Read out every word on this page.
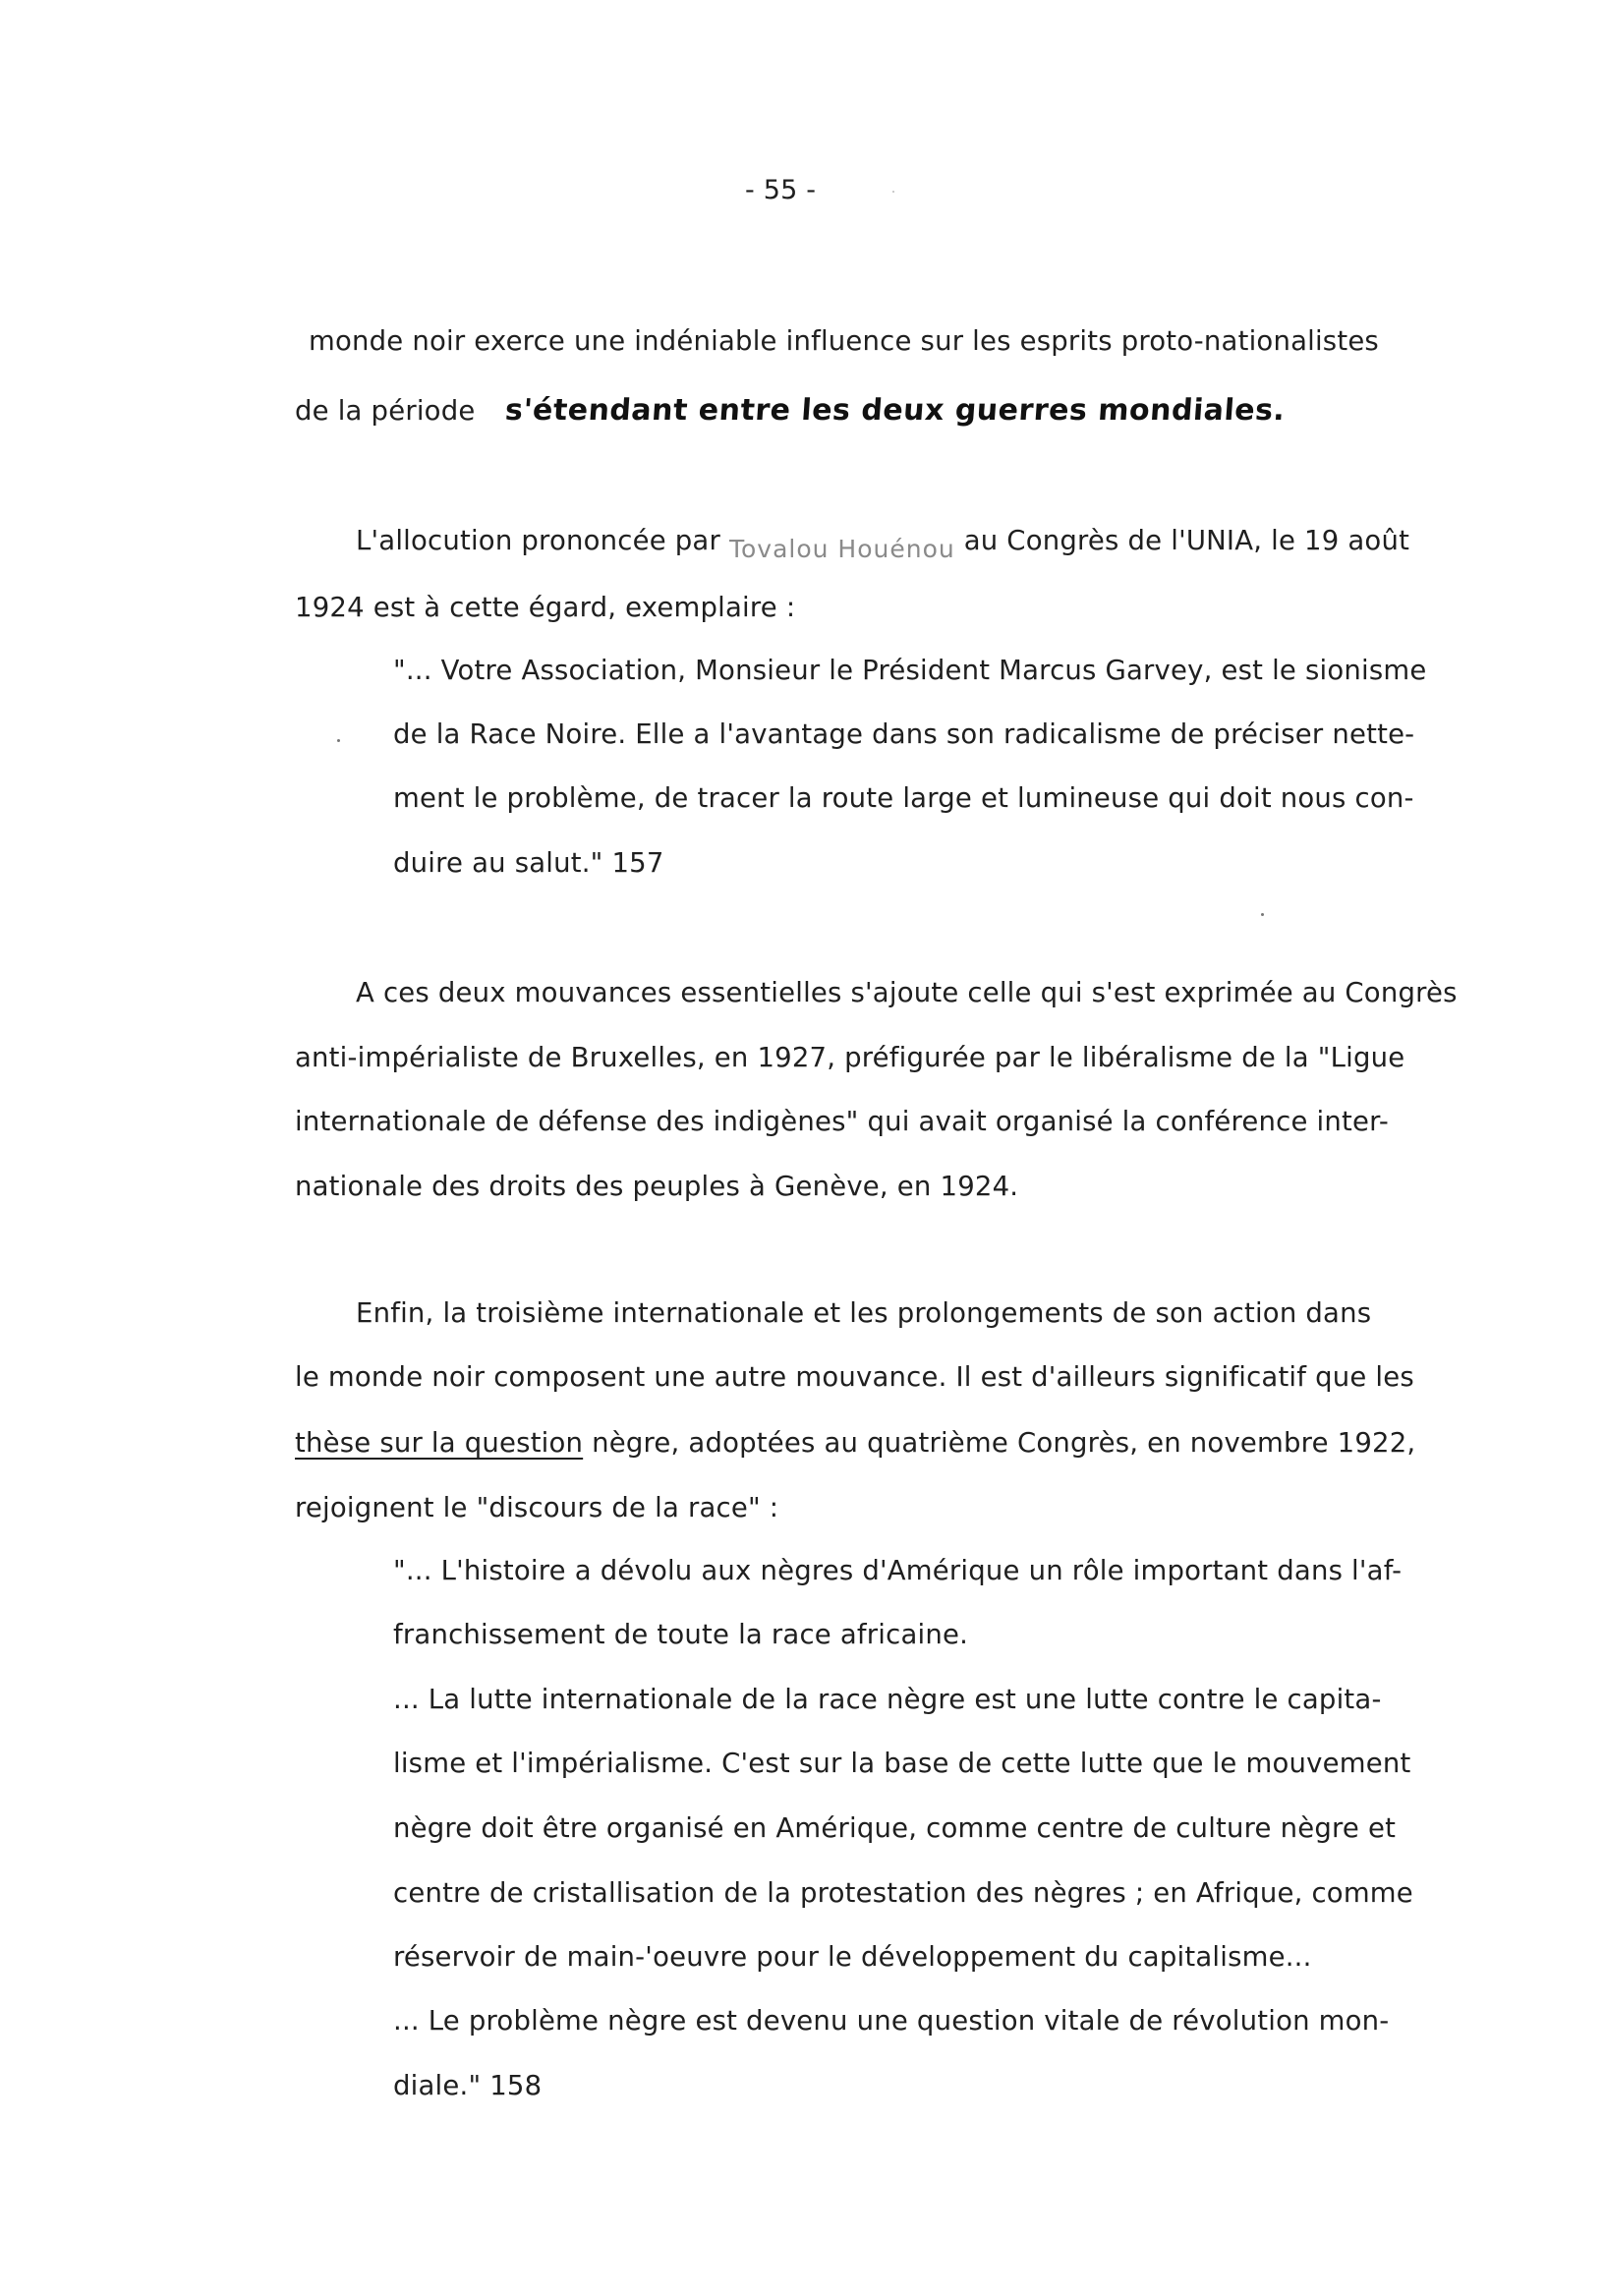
- 55 -
monde noir exerce une indéniable influence sur les esprits proto-nationalistes
de la période s'étendant entre les deux guerres mondiales.
L'allocution prononcée par Tovalou Houénou au Congrès de l'UNIA, le 19 août
1924 est à cette égard, exemplaire :
"... Votre Association, Monsieur le Président Marcus Garvey, est le sionisme
de la Race Noire. Elle a l'avantage dans son radicalisme de préciser nette-
ment le problème, de tracer la route large et lumineuse qui doit nous con-
duire au salut." 157
A ces deux mouvances essentielles s'ajoute celle qui s'est exprimée au Congrès
anti-impérialiste de Bruxelles, en 1927, préfigurée par le libéralisme de la "Ligue
internationale de défense des indigènes" qui avait organisé la conférence inter-
nationale des droits des peuples à Genève, en 1924.
Enfin, la troisième internationale et les prolongements de son action dans
le monde noir composent une autre mouvance. Il est d'ailleurs significatif que les
thèse sur la question nègre, adoptées au quatrième Congrès, en novembre 1922,
rejoignent le "discours de la race" :
"... L'histoire a dévolu aux nègres d'Amérique un rôle important dans l'af-
franchissement de toute la race africaine.
... La lutte internationale de la race nègre est une lutte contre le capita-
lisme et l'impérialisme. C'est sur la base de cette lutte que le mouvement
nègre doit être organisé en Amérique, comme centre de culture nègre et
centre de cristallisation de la protestation des nègres ; en Afrique, comme
réservoir de main-'oeuvre pour le développement du capitalisme...
... Le problème nègre est devenu une question vitale de révolution mon-
diale." 158
